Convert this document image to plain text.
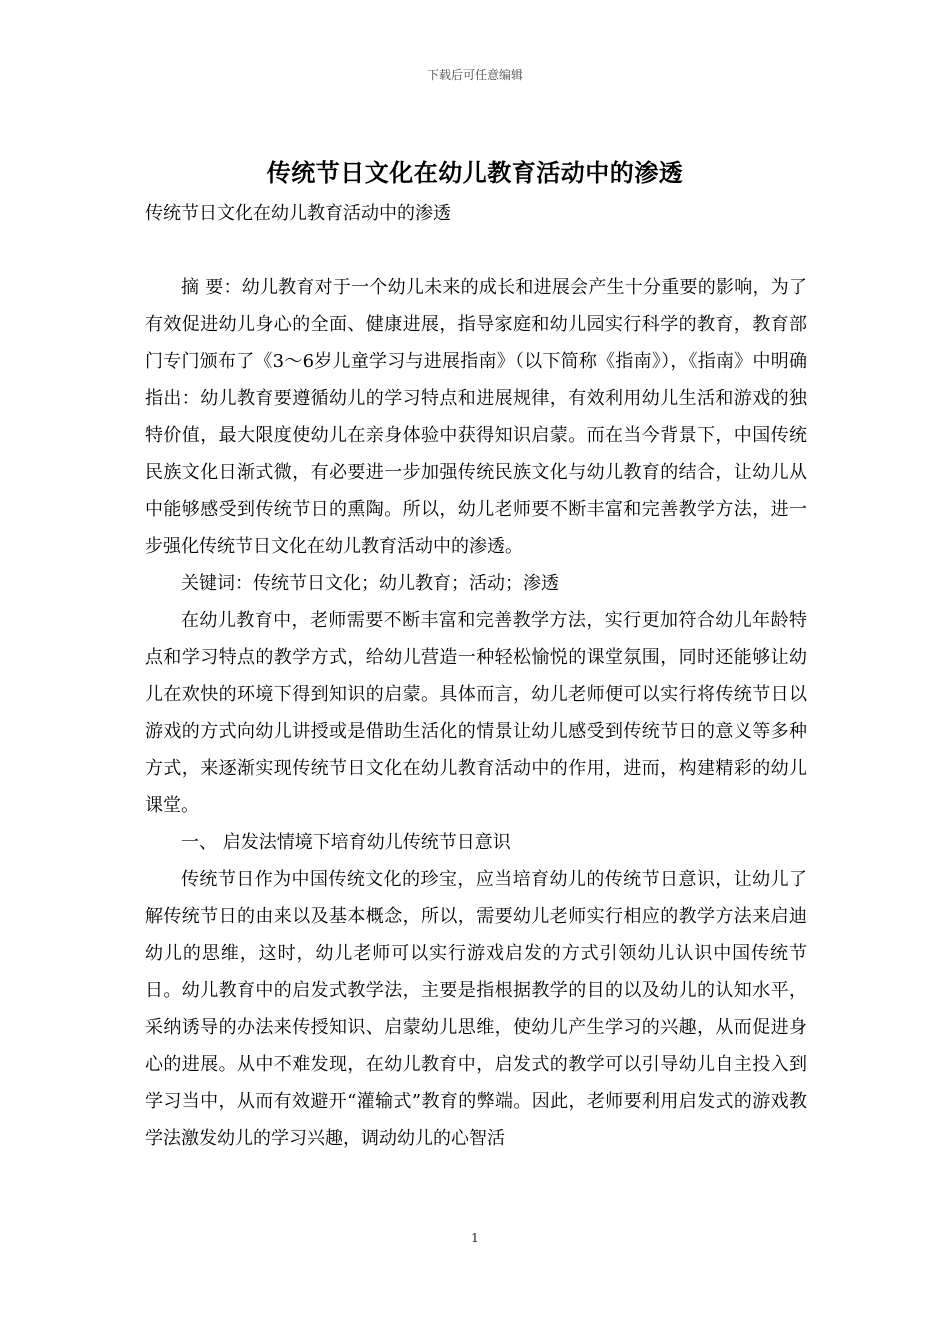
下载后可任意编辑
传统节日文化在幼儿教育活动中的渗透
传统节日文化在幼儿教育活动中的渗透

摘 要：幼儿教育对于一个幼儿未来的成长和进展会产生十分重要的影响，为了有效促进幼儿身心的全面、健康进展，指导家庭和幼儿园实行科学的教育，教育部门专门颁布了《3～6岁儿童学习与进展指南》（以下简称《指南》），《指南》中明确指出：幼儿教育要遵循幼儿的学习特点和进展规律，有效利用幼儿生活和游戏的独特价值，最大限度使幼儿在亲身体验中获得知识启蒙。而在当今背景下，中国传统民族文化日渐式微，有必要进一步加强传统民族文化与幼儿教育的结合，让幼儿从中能够感受到传统节日的熏陶。所以，幼儿老师要不断丰富和完善教学方法，进一步强化传统节日文化在幼儿教育活动中的渗透。

关键词：传统节日文化；幼儿教育；活动；渗透

在幼儿教育中，老师需要不断丰富和完善教学方法，实行更加符合幼儿年龄特点和学习特点的教学方式，给幼儿营造一种轻松愉悦的课堂氛围，同时还能够让幼儿在欢快的环境下得到知识的启蒙。具体而言，幼儿老师便可以实行将传统节日以游戏的方式向幼儿讲授或是借助生活化的情景让幼儿感受到传统节日的意义等多种方式，来逐渐实现传统节日文化在幼儿教育活动中的作用，进而，构建精彩的幼儿课堂。

一、 启发法情境下培育幼儿传统节日意识

传统节日作为中国传统文化的珍宝，应当培育幼儿的传统节日意识，让幼儿了解传统节日的由来以及基本概念，所以，需要幼儿老师实行相应的教学方法来启迪幼儿的思维，这时，幼儿老师可以实行游戏启发的方式引领幼儿认识中国传统节日。幼儿教育中的启发式教学法，主要是指根据教学的目的以及幼儿的认知水平，采纳诱导的办法来传授知识、启蒙幼儿思维，使幼儿产生学习的兴趣，从而促进身心的进展。从中不难发现，在幼儿教育中，启发式的教学可以引导幼儿自主投入到学习当中，从而有效避开“灌输式”教育的弊端。因此，老师要利用启发式的游戏教学法激发幼儿的学习兴趣，调动幼儿的心智活

1
